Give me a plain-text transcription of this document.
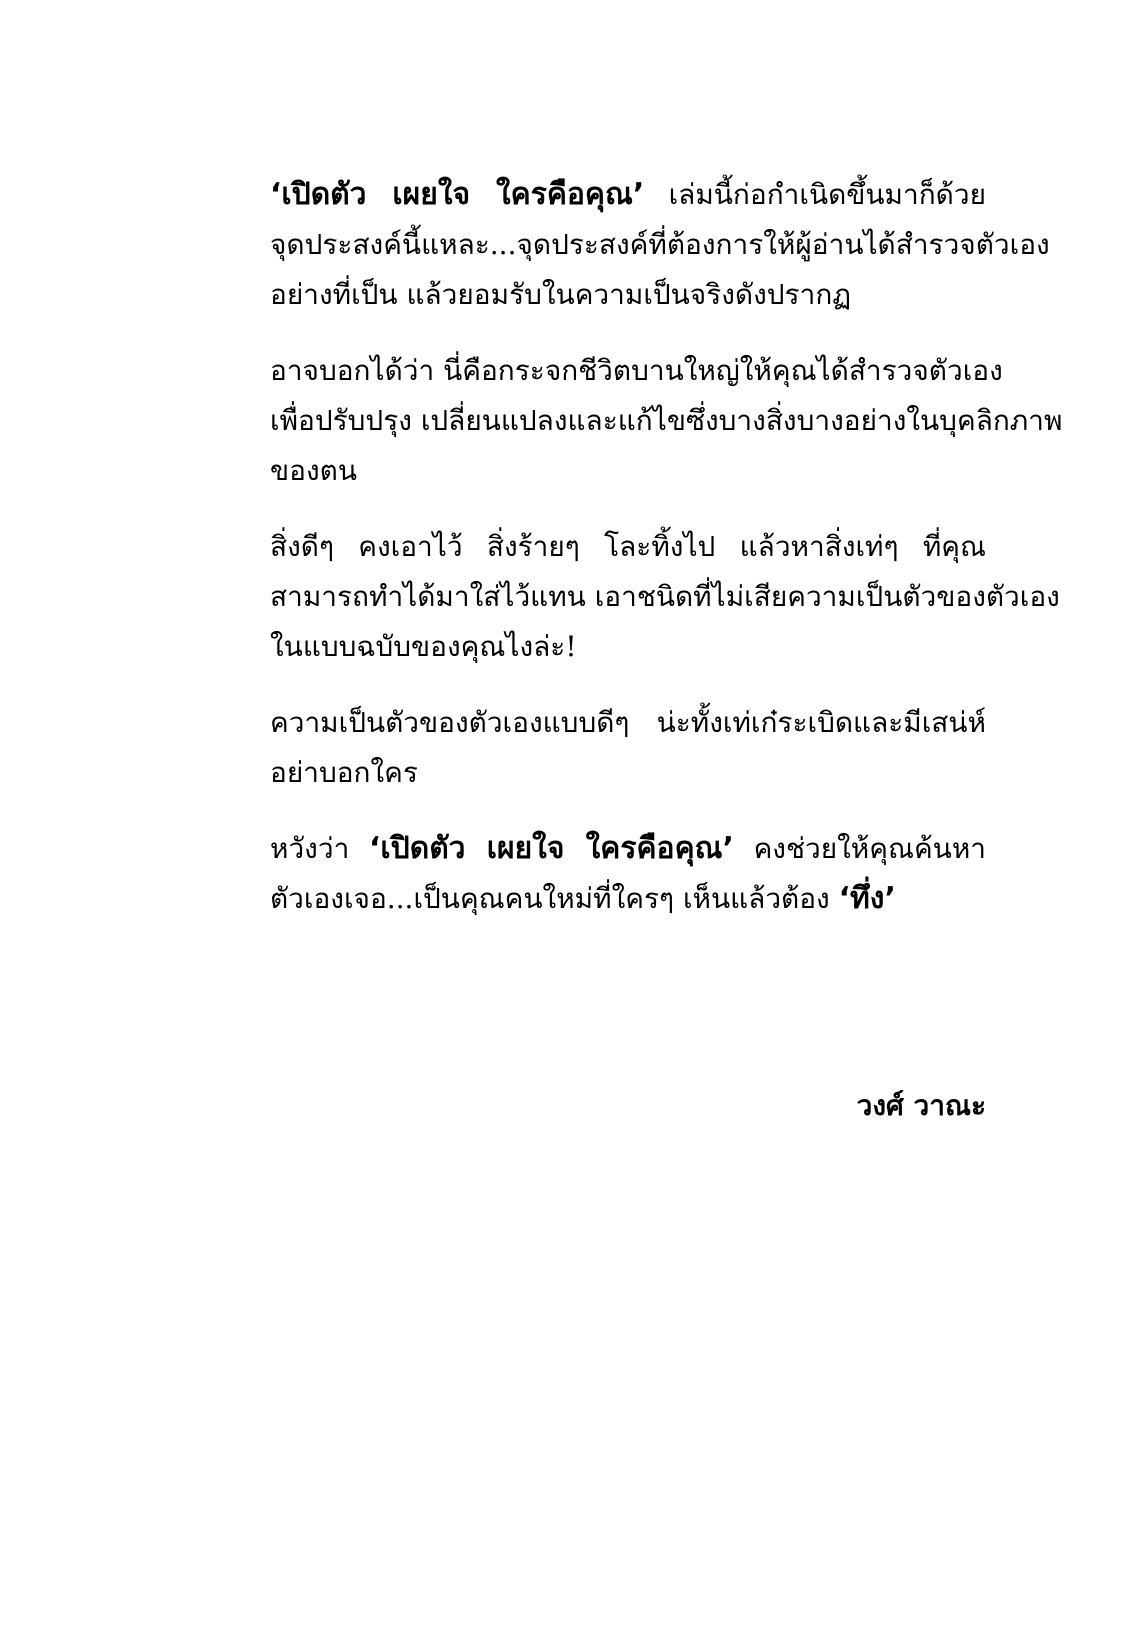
‘เปิดตัว เผยใจ ใครคือคุณ’ เล่มนี้ก่อกำเนิดขึ้นมาก็ด้วย
จุดประสงค์นี้แหละ...จุดประสงค์ที่ต้องการให้ผู้อ่านได้สำรวจตัวเอง
อย่างที่เป็น แล้วยอมรับในความเป็นจริงดังปรากฏ

อาจบอกได้ว่า นี่คือกระจกชีวิตบานใหญ่ให้คุณได้สำรวจตัวเอง
เพื่อปรับปรุง เปลี่ยนแปลงและแก้ไขซึ่งบางสิ่งบางอย่างในบุคลิกภาพ
ของตน

สิ่งดีๆ คงเอาไว้ สิ่งร้ายๆ โละทิ้งไป แล้วหาสิ่งเท่ๆ ที่คุณ
สามารถทำได้มาใส่ไว้แทน เอาชนิดที่ไม่เสียความเป็นตัวของตัวเอง
ในแบบฉบับของคุณไงล่ะ!

ความเป็นตัวของตัวเองแบบดีๆ น่ะทั้งเท่เก๋ระเบิดและมีเสน่ห์
อย่าบอกใคร

หวังว่า ‘เปิดตัว เผยใจ ใครคือคุณ’ คงช่วยให้คุณค้นหา
ตัวเองเจอ...เป็นคุณคนใหม่ที่ใครๆ เห็นแล้วต้อง ‘ทึ่ง’

วงศ์ วาณะ
